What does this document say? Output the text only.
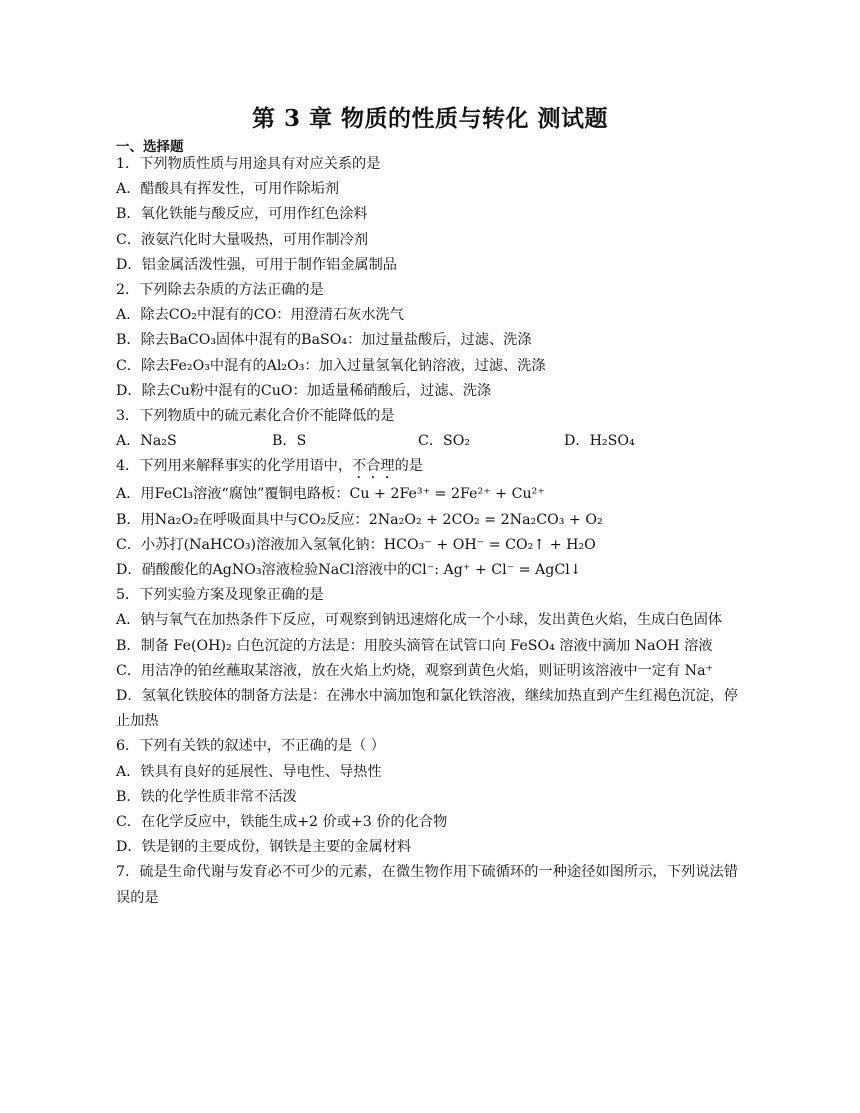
第 3 章 物质的性质与转化 测试题
一、选择题
1．下列物质性质与用途具有对应关系的是
A．醋酸具有挥发性，可用作除垢剂
B．氧化铁能与酸反应，可用作红色涂料
C．液氨汽化时大量吸热，可用作制冷剂
D．铝金属活泼性强，可用于制作铝金属制品
2．下列除去杂质的方法正确的是
A．除去CO₂中混有的CO：用澄清石灰水洗气
B．除去BaCO₃固体中混有的BaSO₄：加过量盐酸后，过滤、洗涤
C．除去Fe₂O₃中混有的Al₂O₃：加入过量氢氧化钠溶液，过滤、洗涤
D．除去Cu粉中混有的CuO：加适量稀硝酸后，过滤、洗涤
3．下列物质中的硫元素化合价不能降低的是
A．Na₂S	B．S	C．SO₂	D．H₂SO₄
4．下列用来解释事实的化学用语中，不合理的是
A．用FeCl₃溶液“腐蚀”覆铜电路板：Cu + 2Fe³⁺ = 2Fe²⁺ + Cu²⁺
B．用Na₂O₂在呼吸面具中与CO₂反应：2Na₂O₂ + 2CO₂ = 2Na₂CO₃ + O₂
C．小苏打(NaHCO₃)溶液加入氢氧化钠：HCO₃⁻ + OH⁻ = CO₂↑ + H₂O
D．硝酸酸化的AgNO₃溶液检验NaCl溶液中的Cl⁻: Ag⁺ + Cl⁻ = AgCl↓
5．下列实验方案及现象正确的是
A．钠与氧气在加热条件下反应，可观察到钠迅速熔化成一个小球，发出黄色火焰，生成白色固体
B．制备 Fe(OH)₂ 白色沉淀的方法是：用胶头滴管在试管口向 FeSO₄ 溶液中滴加 NaOH 溶液
C．用洁净的铂丝蘸取某溶液，放在火焰上灼烧，观察到黄色火焰，则证明该溶液中一定有 Na⁺
D．氢氧化铁胶体的制备方法是：在沸水中滴加饱和氯化铁溶液，继续加热直到产生红褐色沉淀，停止加热
6．下列有关铁的叙述中，不正确的是（ ）
A．铁具有良好的延展性、导电性、导热性
B．铁的化学性质非常不活泼
C．在化学反应中，铁能生成+2 价或+3 价的化合物
D．铁是钢的主要成份，钢铁是主要的金属材料
7．硫是生命代谢与发育必不可少的元素，在微生物作用下硫循环的一种途径如图所示，下列说法错误的是
